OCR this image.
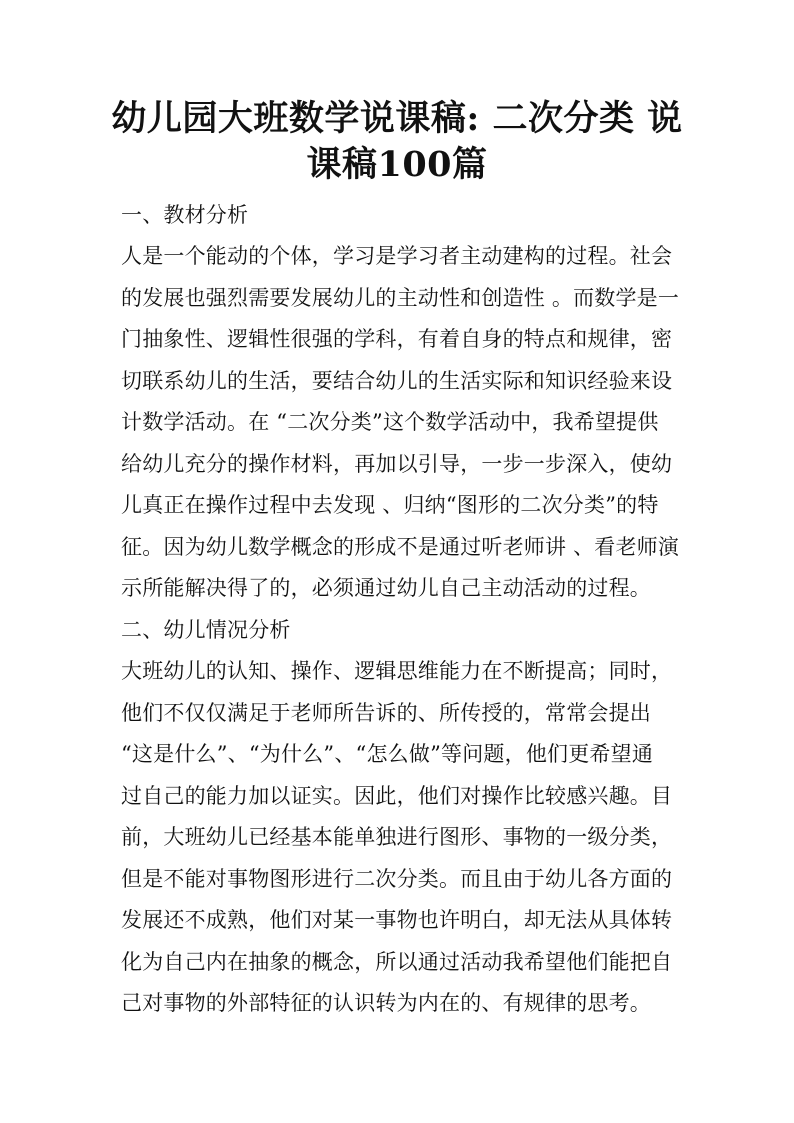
幼儿园大班数学说课稿: 二次分类 说课稿100篇
一、教材分析
人是一个能动的个体，学习是学习者主动建构的过程。社会
的发展也强烈需要发展幼儿的主动性和创造性 。而数学是一
门抽象性、逻辑性很强的学科，有着自身的特点和规律，密
切联系幼儿的生活，要结合幼儿的生活实际和知识经验来设
计数学活动。在 “二次分类”这个数学活动中，我希望提供
给幼儿充分的操作材料，再加以引导，一步一步深入，使幼
儿真正在操作过程中去发现 、归纳“图形的二次分类”的特
征。因为幼儿数学概念的形成不是通过听老师讲 、看老师演
示所能解决得了的，必须通过幼儿自己主动活动的过程。
二、幼儿情况分析
大班幼儿的认知、操作、逻辑思维能力在不断提高；同时，
他们不仅仅满足于老师所告诉的、所传授的，常常会提出
“这是什么”、“为什么”、“怎么做”等问题，他们更希望通
过自己的能力加以证实。因此，他们对操作比较感兴趣。目
前，大班幼儿已经基本能单独进行图形、事物的一级分类，
但是不能对事物图形进行二次分类。而且由于幼儿各方面的
发展还不成熟，他们对某一事物也许明白，却无法从具体转
化为自己内在抽象的概念，所以通过活动我希望他们能把自
己对事物的外部特征的认识转为内在的、有规律的思考。
